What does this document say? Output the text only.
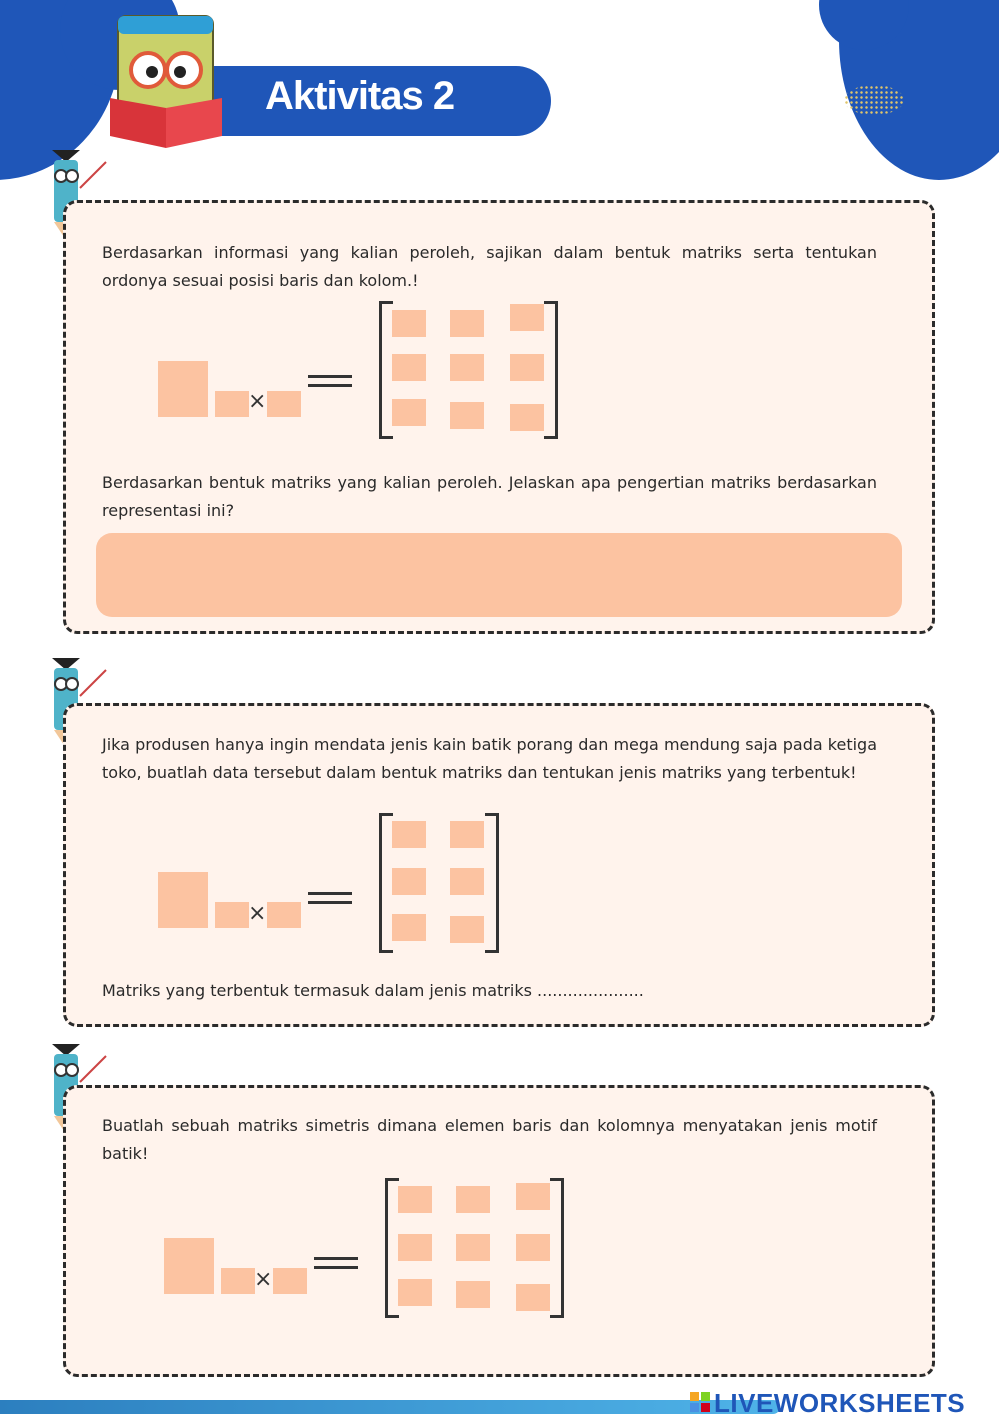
Aktivitas 2

Berdasarkan informasi yang kalian peroleh, sajikan dalam bentuk matriks serta tentukan ordonya sesuai posisi baris dan kolom.!

×

Berdasarkan bentuk matriks yang kalian peroleh. Jelaskan apa pengertian matriks berdasarkan representasi ini?

Jika produsen hanya ingin mendata jenis kain batik porang dan mega mendung saja pada ketiga toko, buatlah data tersebut dalam bentuk matriks dan tentukan jenis matriks yang terbentuk!

×

Matriks yang terbentuk termasuk dalam jenis matriks .....................

Buatlah sebuah matriks simetris dimana elemen baris dan kolomnya menyatakan jenis motif batik!

×
LIVEWORKSHEETS
